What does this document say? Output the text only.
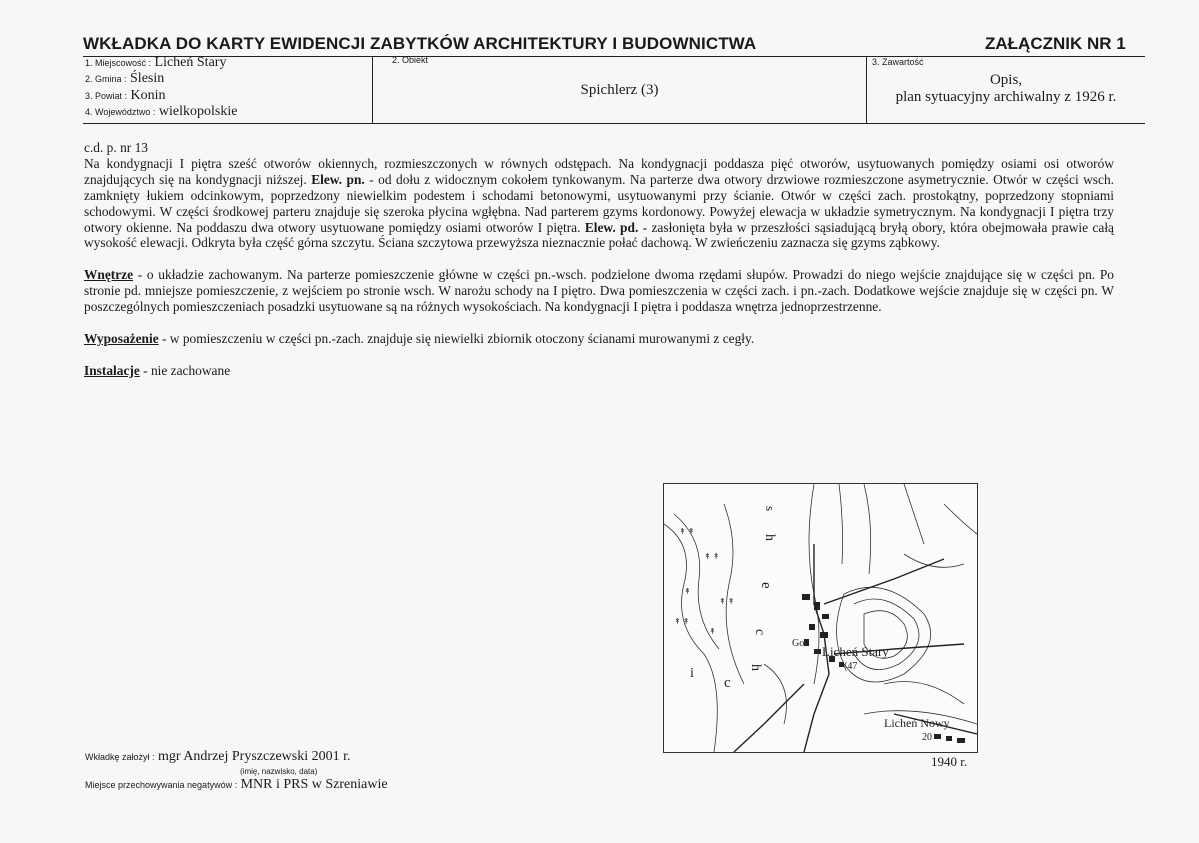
WKŁADKA DO KARTY EWIDENCJI ZABYTKÓW ARCHITEKTURY I BUDOWNICTWA	ZAŁĄCZNIK NR 1
1. Miejscowość : Licheń Stary
2. Gmina : Ślesin
3. Powiat : Konin
4. Województwo : wielkopolskie
2. Obiekt
Spichlerz (3)
3. Zawartość
Opis,
plan sytuacyjny archiwalny z 1926 r.

c.d. p. nr 13

Na kondygnacji I piętra sześć otworów okiennych, rozmieszczonych w równych odstępach. Na kondygnacji poddasza pięć otworów, usytuowanych pomiędzy osiami osi otworów znajdujących się na kondygnacji niższej. Elew. pn. - od dołu z widocznym cokołem tynkowanym. Na parterze dwa otwory drzwiowe rozmieszczone asymetrycznie. Otwór w części wsch. zamknięty łukiem odcinkowym, poprzedzony niewielkim podestem i schodami betonowymi, usytuowanymi przy ścianie. Otwór w części zach. prostokątny, poprzedzony stopniami schodowymi. W części środkowej parteru znajduje się szeroka płycina wgłębna. Nad parterem gzyms kordonowy. Powyżej elewacja w układzie symetrycznym. Na kondygnacji I piętra trzy otwory okienne. Na poddaszu dwa otwory usytuowane pomiędzy osiami otworów I piętra. Elew. pd. - zasłonięta była w przeszłości sąsiadującą bryłą obory, która obejmowała prawie całą wysokość elewacji. Odkryta była część górna szczytu. Ściana szczytowa przewyższa nieznacznie połać dachową. W zwieńczeniu zaznacza się gzyms ząbkowy.

Wnętrze - o układzie zachowanym. Na parterze pomieszczenie główne w części pn.-wsch. podzielone dwoma rzędami słupów. Prowadzi do niego wejście znajdujące się w części pn. Po stronie pd. mniejsze pomieszczenie, z wejściem po stronie wsch. W narożu schody na I piętro. Dwa pomieszczenia w części zach. i pn.-zach. Dodatkowe wejście znajduje się w części pn. W poszczególnych pomieszczeniach posadzki usytuowane są na różnych wysokościach. Na kondygnacji I piętra i poddasza wnętrza jednoprzestrzenne.

Wyposażenie - w pomieszczeniu w części pn.-zach. znajduje się niewielki zbiornik otoczony ścianami murowanymi z cegły.

Instalacje - nie zachowane

↟ ↟
↟ ↟
↟
↟ ↟
↟ ↟
↟
s
h
e
c
h
c
i
Gor
Licheń Stary
(47
Licheń Nowy
20
1940 r.
Wkładkę założył : mgr Andrzej Pryszczewski 2001 r.
(imię, nazwisko, data)
Miejsce przechowywania negatywów : MNR i PRS w Szreniawie
